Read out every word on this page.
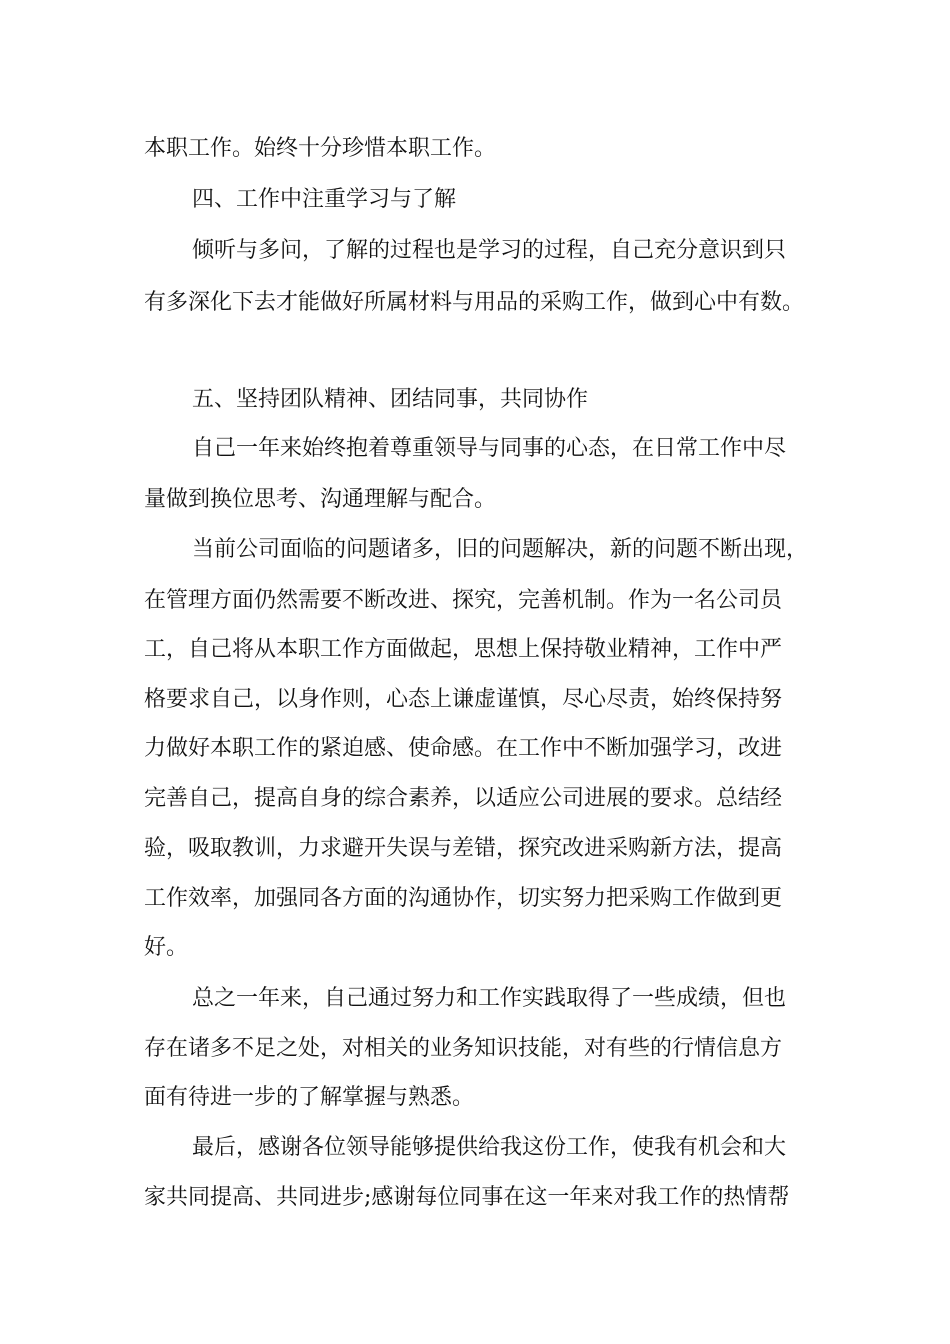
本职工作。始终十分珍惜本职工作。
四、工作中注重学习与了解
倾听与多问，了解的过程也是学习的过程，自己充分意识到只
有多深化下去才能做好所属材料与用品的采购工作，做到心中有数。
五、坚持团队精神、团结同事，共同协作
自己一年来始终抱着尊重领导与同事的心态，在日常工作中尽
量做到换位思考、沟通理解与配合。
当前公司面临的问题诸多，旧的问题解决，新的问题不断出现，
在管理方面仍然需要不断改进、探究，完善机制。作为一名公司员
工，自己将从本职工作方面做起，思想上保持敬业精神，工作中严
格要求自己，以身作则，心态上谦虚谨慎，尽心尽责，始终保持努
力做好本职工作的紧迫感、使命感。在工作中不断加强学习，改进
完善自己，提高自身的综合素养，以适应公司进展的要求。总结经
验，吸取教训，力求避开失误与差错，探究改进采购新方法，提高
工作效率，加强同各方面的沟通协作，切实努力把采购工作做到更
好。
总之一年来，自己通过努力和工作实践取得了一些成绩，但也
存在诸多不足之处，对相关的业务知识技能，对有些的行情信息方
面有待进一步的了解掌握与熟悉。
最后，感谢各位领导能够提供给我这份工作，使我有机会和大
家共同提高、共同进步;感谢每位同事在这一年来对我工作的热情帮
